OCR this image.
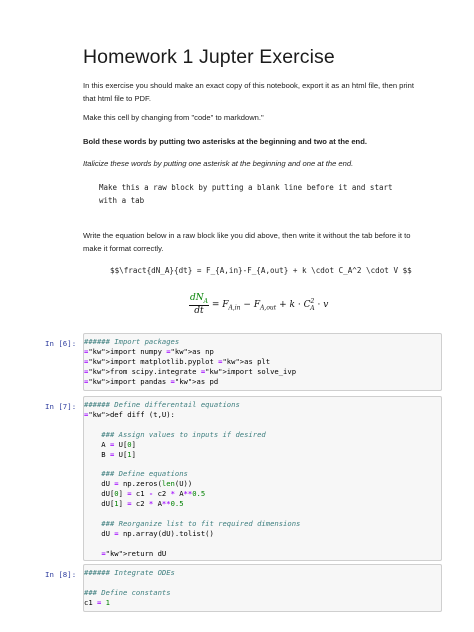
Homework 1 Jupter Exercise
In this exercise you should make an exact copy of this notebook, export it as an html file, then print that html file to PDF.
Make this cell by changing from "code" to markdown."
Bold these words by putting two asterisks at the beginning and two at the end.
Italicize these words by putting one asterisk at the beginning and one at the end.
Make this a raw block by putting a blank line before it and start
with a tab
Write the equation below in a raw block like you did above, then write it without the tab before it to make it format correctly.
$$\fract{dN_A}{dt} = F_{A,in}-F_{A,out} + k \cdot C_A^2 \cdot V $$
$\frac{dN_A}{dt} = F_{A,in} - F_{A,out} + k \cdot C^2_A \cdot v$
In [6]: ###### Import packages
="kw">import numpy ="kw">as np
="kw">import matplotlib.pyplot ="kw">as plt
="kw">from scipy.integrate ="kw">import solve_ivp
="kw">import pandas ="kw">as pd
In [7]: ###### Define differentail equations
="kw">def diff (t,U):

### Assign values to inputs if desired
A = U[0]
B = U[1]

### Define equations
dU = np.zeros(len(U))
dU[0] = c1 - c2 * A**0.5
dU[1] = c2 * A**0.5

### Reorganize list to fit required dimensions
dU = np.array(dU).tolist()

="kw">return dU
In [8]: ###### Integrate ODEs

### Define constants
c1 = 1
